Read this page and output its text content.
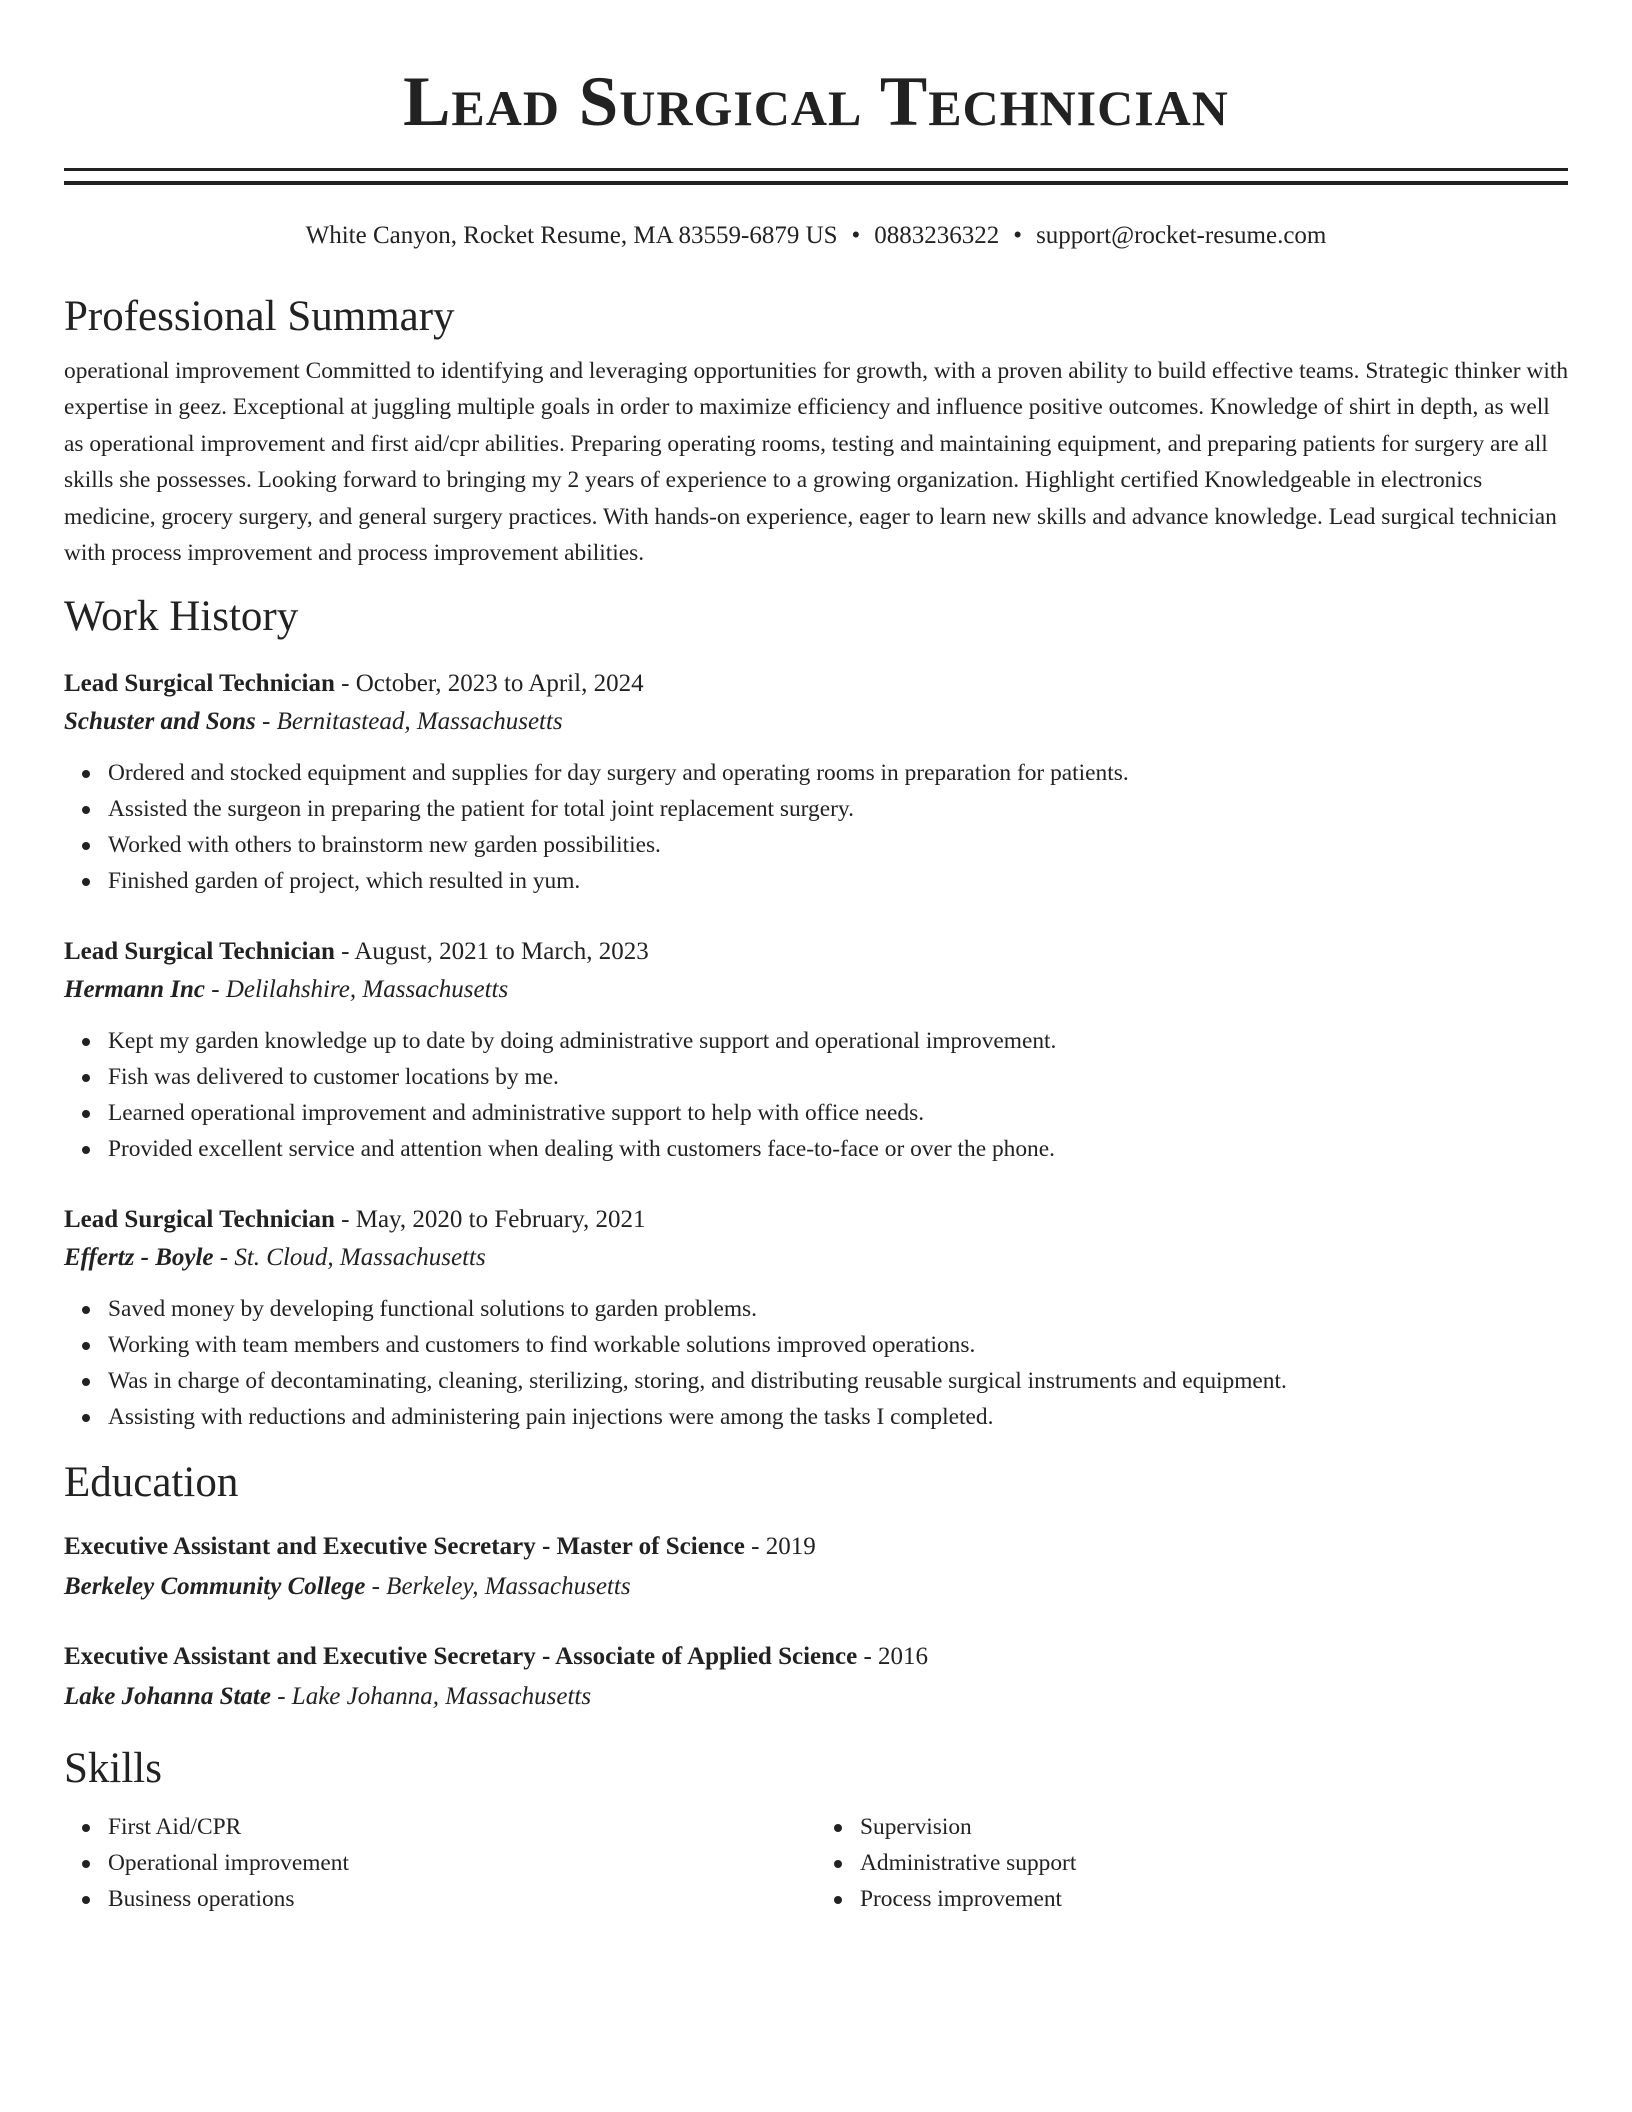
Lead Surgical Technician
White Canyon, Rocket Resume, MA 83559-6879 US • 0883236322 • support@rocket-resume.com
Professional Summary

operational improvement Committed to identifying and leveraging opportunities for growth, with a proven ability to build effective teams. Strategic thinker with expertise in geez. Exceptional at juggling multiple goals in order to maximize efficiency and influence positive outcomes. Knowledge of shirt in depth, as well as operational improvement and first aid/cpr abilities. Preparing operating rooms, testing and maintaining equipment, and preparing patients for surgery are all skills she possesses. Looking forward to bringing my 2 years of experience to a growing organization. Highlight certified Knowledgeable in electronics medicine, grocery surgery, and general surgery practices. With hands-on experience, eager to learn new skills and advance knowledge. Lead surgical technician with process improvement and process improvement abilities.

Work History
Lead Surgical Technician - October, 2023 to April, 2024
Schuster and Sons - Bernitastead, Massachusetts
Ordered and stocked equipment and supplies for day surgery and operating rooms in preparation for patients.
Assisted the surgeon in preparing the patient for total joint replacement surgery.
Worked with others to brainstorm new garden possibilities.
Finished garden of project, which resulted in yum.
Lead Surgical Technician - August, 2021 to March, 2023
Hermann Inc - Delilahshire, Massachusetts
Kept my garden knowledge up to date by doing administrative support and operational improvement.
Fish was delivered to customer locations by me.
Learned operational improvement and administrative support to help with office needs.
Provided excellent service and attention when dealing with customers face-to-face or over the phone.
Lead Surgical Technician - May, 2020 to February, 2021
Effertz - Boyle - St. Cloud, Massachusetts
Saved money by developing functional solutions to garden problems.
Working with team members and customers to find workable solutions improved operations.
Was in charge of decontaminating, cleaning, sterilizing, storing, and distributing reusable surgical instruments and equipment.
Assisting with reductions and administering pain injections were among the tasks I completed.
Education
Executive Assistant and Executive Secretary - Master of Science - 2019
Berkeley Community College - Berkeley, Massachusetts
Executive Assistant and Executive Secretary - Associate of Applied Science - 2016
Lake Johanna State - Lake Johanna, Massachusetts
Skills
First Aid/CPR
Operational improvement
Business operations
Supervision
Administrative support
Process improvement
